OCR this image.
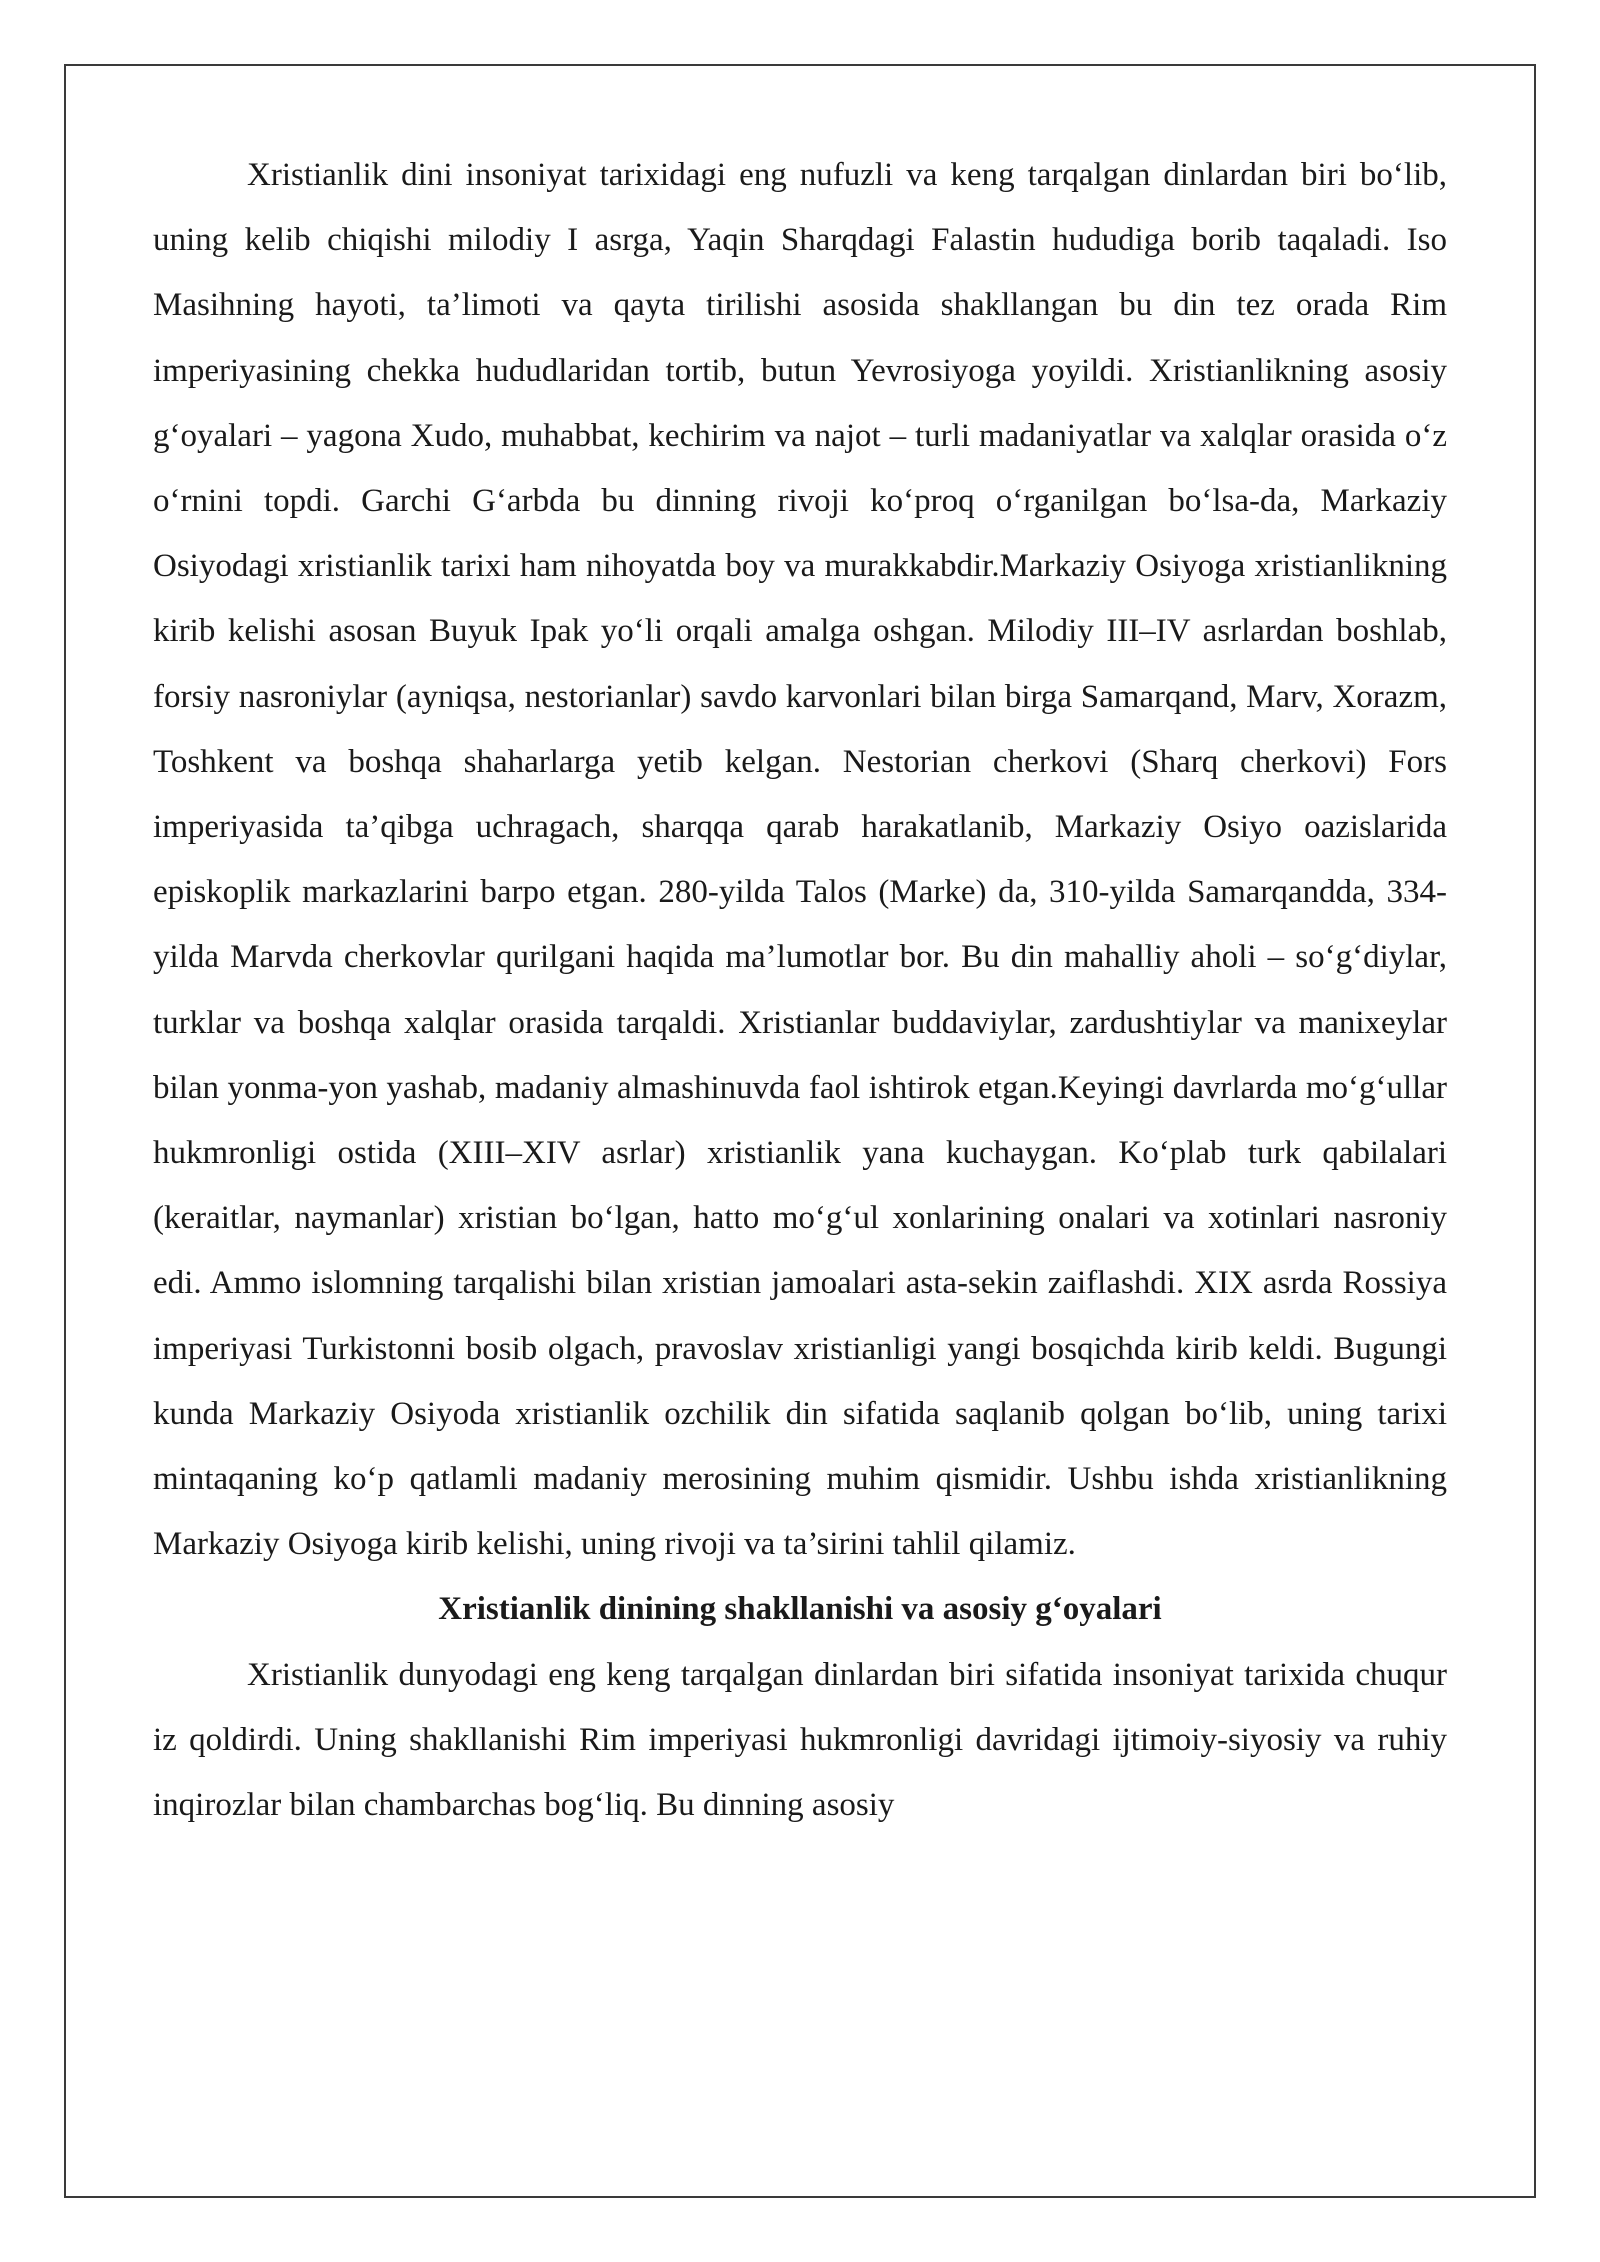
Xristianlik dini insoniyat tarixidagi eng nufuzli va keng tarqalgan dinlardan biri bo‘lib, uning kelib chiqishi milodiy I asrga, Yaqin Sharqdagi Falastin hududiga borib taqaladi. Iso Masihning hayoti, ta’limoti va qayta tirilishi asosida shakllangan bu din tez orada Rim imperiyasining chekka hududlaridan tortib, butun Yevrosiyoga yoyildi. Xristianlikning asosiy g‘oyalari – yagona Xudo, muhabbat, kechirim va najot – turli madaniyatlar va xalqlar orasida o‘z o‘rnini topdi. Garchi G‘arbda bu dinning rivoji ko‘proq o‘rganilgan bo‘lsa-da, Markaziy Osiyodagi xristianlik tarixi ham nihoyatda boy va murakkabdir.Markaziy Osiyoga xristianlikning kirib kelishi asosan Buyuk Ipak yo‘li orqali amalga oshgan. Milodiy III–IV asrlardan boshlab, forsiy nasroniylar (ayniqsa, nestorianlar) savdo karvonlari bilan birga Samarqand, Marv, Xorazm, Toshkent va boshqa shaharlarga yetib kelgan. Nestorian cherkovi (Sharq cherkovi) Fors imperiyasida ta’qibga uchragach, sharqqa qarab harakatlanib, Markaziy Osiyo oazislarida episkoplik markazlarini barpo etgan. 280-yilda Talos (Marke) da, 310-yilda Samarqandda, 334-yilda Marvda cherkovlar qurilgani haqida ma’lumotlar bor. Bu din mahalliy aholi – so‘g‘diylar, turklar va boshqa xalqlar orasida tarqaldi. Xristianlar buddaviylar, zardushtiylar va manixeylar bilan yonma-yon yashab, madaniy almashinuvda faol ishtirok etgan.Keyingi davrlarda mo‘g‘ullar hukmronligi ostida (XIII–XIV asrlar) xristianlik yana kuchaygan. Ko‘plab turk qabilalari (keraitlar, naymanlar) xristian bo‘lgan, hatto mo‘g‘ul xonlarining onalari va xotinlari nasroniy edi. Ammo islomning tarqalishi bilan xristian jamoalari asta-sekin zaiflashdi. XIX asrda Rossiya imperiyasi Turkistonni bosib olgach, pravoslav xristianligi yangi bosqichda kirib keldi. Bugungi kunda Markaziy Osiyoda xristianlik ozchilik din sifatida saqlanib qolgan bo‘lib, uning tarixi mintaqaning ko‘p qatlamli madaniy merosining muhim qismidir. Ushbu ishda xristianlikning Markaziy Osiyoga kirib kelishi, uning rivoji va ta’sirini tahlil qilamiz.

Xristianlik dinining shakllanishi va asosiy g‘oyalari

Xristianlik dunyodagi eng keng tarqalgan dinlardan biri sifatida insoniyat tarixida chuqur iz qoldirdi. Uning shakllanishi Rim imperiyasi hukmronligi davridagi ijtimoiy-siyosiy va ruhiy inqirozlar bilan chambarchas bog‘liq. Bu dinning asosiy
